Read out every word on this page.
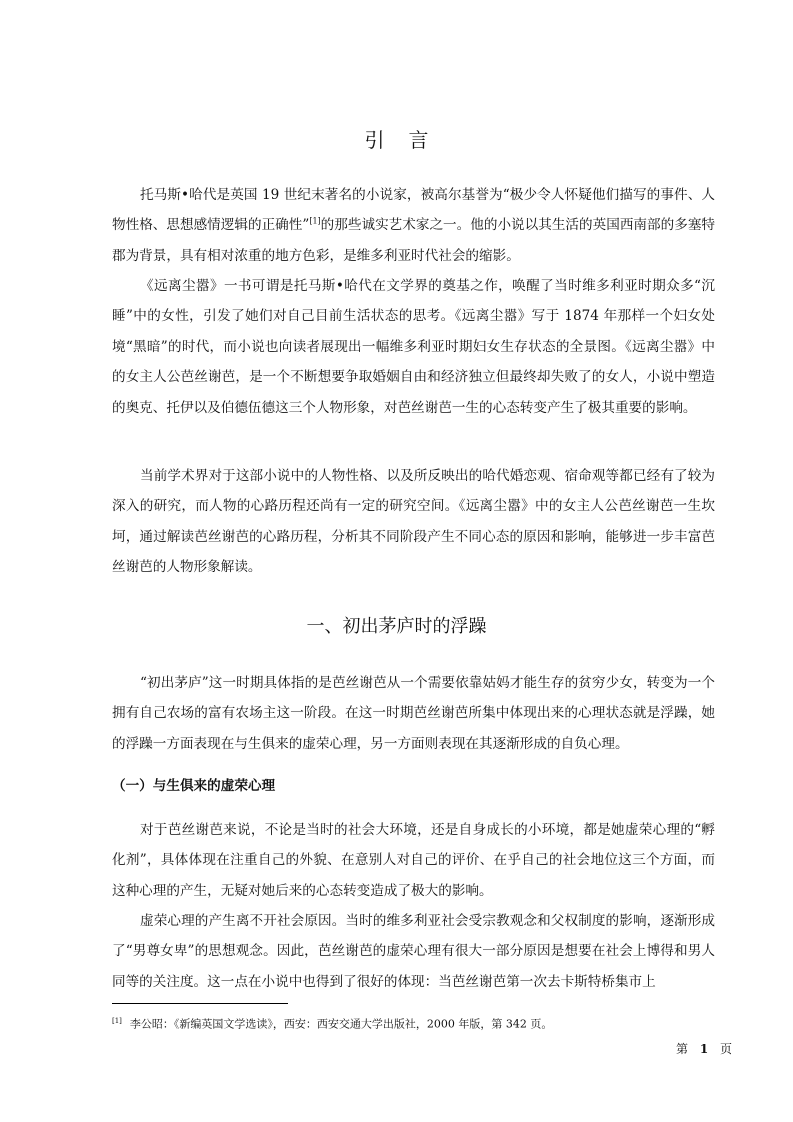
引言

托马斯•哈代是英国 19 世纪末著名的小说家，被高尔基誉为“极少令人怀疑他们描写的事件、人物性格、思想感情逻辑的正确性”[1]的那些诚实艺术家之一。他的小说以其生活的英国西南部的多塞特郡为背景，具有相对浓重的地方色彩，是维多利亚时代社会的缩影。

《远离尘嚣》一书可谓是托马斯•哈代在文学界的奠基之作，唤醒了当时维多利亚时期众多“沉睡”中的女性，引发了她们对自己目前生活状态的思考。《远离尘嚣》写于 1874 年那样一个妇女处境“黑暗”的时代，而小说也向读者展现出一幅维多利亚时期妇女生存状态的全景图。《远离尘嚣》中的女主人公芭丝谢芭，是一个不断想要争取婚姻自由和经济独立但最终却失败了的女人，小说中塑造的奥克、托伊以及伯德伍德这三个人物形象，对芭丝谢芭一生的心态转变产生了极其重要的影响。

当前学术界对于这部小说中的人物性格、以及所反映出的哈代婚恋观、宿命观等都已经有了较为深入的研究，而人物的心路历程还尚有一定的研究空间。《远离尘嚣》中的女主人公芭丝谢芭一生坎坷，通过解读芭丝谢芭的心路历程，分析其不同阶段产生不同心态的原因和影响，能够进一步丰富芭丝谢芭的人物形象解读。

一、初出茅庐时的浮躁

“初出茅庐”这一时期具体指的是芭丝谢芭从一个需要依靠姑妈才能生存的贫穷少女，转变为一个拥有自己农场的富有农场主这一阶段。在这一时期芭丝谢芭所集中体现出来的心理状态就是浮躁，她的浮躁一方面表现在与生俱来的虚荣心理，另一方面则表现在其逐渐形成的自负心理。

（一）与生俱来的虚荣心理

对于芭丝谢芭来说，不论是当时的社会大环境，还是自身成长的小环境，都是她虚荣心理的“孵化剂”，具体体现在注重自己的外貌、在意别人对自己的评价、在乎自己的社会地位这三个方面，而这种心理的产生，无疑对她后来的心态转变造成了极大的影响。

虚荣心理的产生离不开社会原因。当时的维多利亚社会受宗教观念和父权制度的影响，逐渐形成了“男尊女卑”的思想观念。因此，芭丝谢芭的虚荣心理有很大一部分原因是想要在社会上博得和男人同等的关注度。这一点在小说中也得到了很好的体现：当芭丝谢芭第一次去卡斯特桥集市上

[1] 李公昭：《新编英国文学选读》，西安：西安交通大学出版社，2000 年版，第 342 页。
第 1 页
